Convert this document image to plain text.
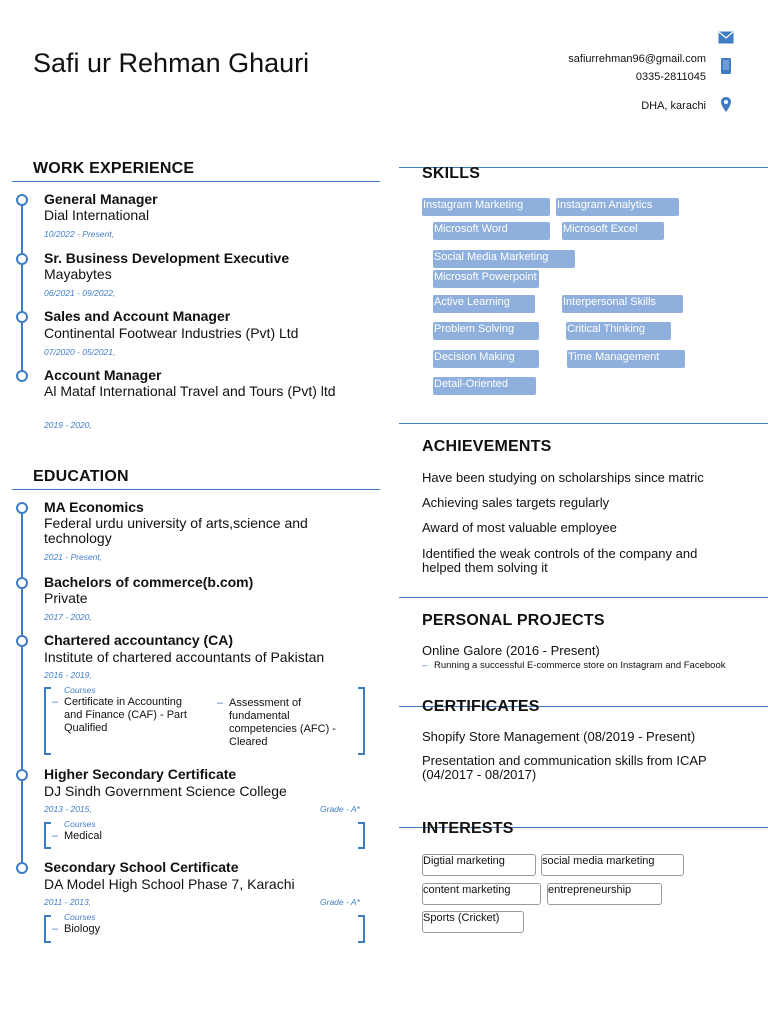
Safi ur Rehman Ghauri	safiurrehman96@gmail.com
0335-2811045
DHA, karachi
WORK EXPERIENCE
General Manager
Dial International
10/2022 - Present,
Sr. Business Development Executive
Mayabytes
06/2021 - 09/2022,
Sales and Account Manager
Continental Footwear Industries (Pvt) Ltd
07/2020 - 05/2021,
Account Manager
Al Mataf International Travel and Tours (Pvt) ltd
2019 - 2020,
EDUCATION
MA Economics
Federal urdu university of arts,science and technology
2021 - Present,
Bachelors of commerce(b.com)
Private
2017 - 2020,
Chartered accountancy (CA)
Institute of chartered accountants of Pakistan
2016 - 2019,
Courses
– Certificate in Accounting and Finance (CAF) - Part Qualified
– Assessment of fundamental competencies (AFC) - Cleared
Higher Secondary Certificate
DJ Sindh Government Science College
2013 - 2015,	Grade - A*
Courses
– Medical
Secondary School Certificate
DA Model High School Phase 7, Karachi
2011 - 2013,	Grade - A*
Courses
– Biology
SKILLS
Instagram Marketing	Instagram Analytics
Microsoft Word	Microsoft Excel
Social Media Marketing
Microsoft Powerpoint
Active Learning	Interpersonal Skills
Problem Solving	Critical Thinking
Decision Making	Time Management
Detail-Oriented
ACHIEVEMENTS
Have been studying on scholarships since matric
Achieving sales targets regularly
Award of most valuable employee
Identified the weak controls of the company and helped them solving it
PERSONAL PROJECTS
Online Galore (2016 - Present)
– Running a successful E-commerce store on Instagram and Facebook
CERTIFICATES
Shopify Store Management (08/2019 - Present)
Presentation and communication skills from ICAP (04/2017 - 08/2017)
INTERESTS
Digtial marketing	social media marketing
content marketing	entrepreneurship
Sports (Cricket)
